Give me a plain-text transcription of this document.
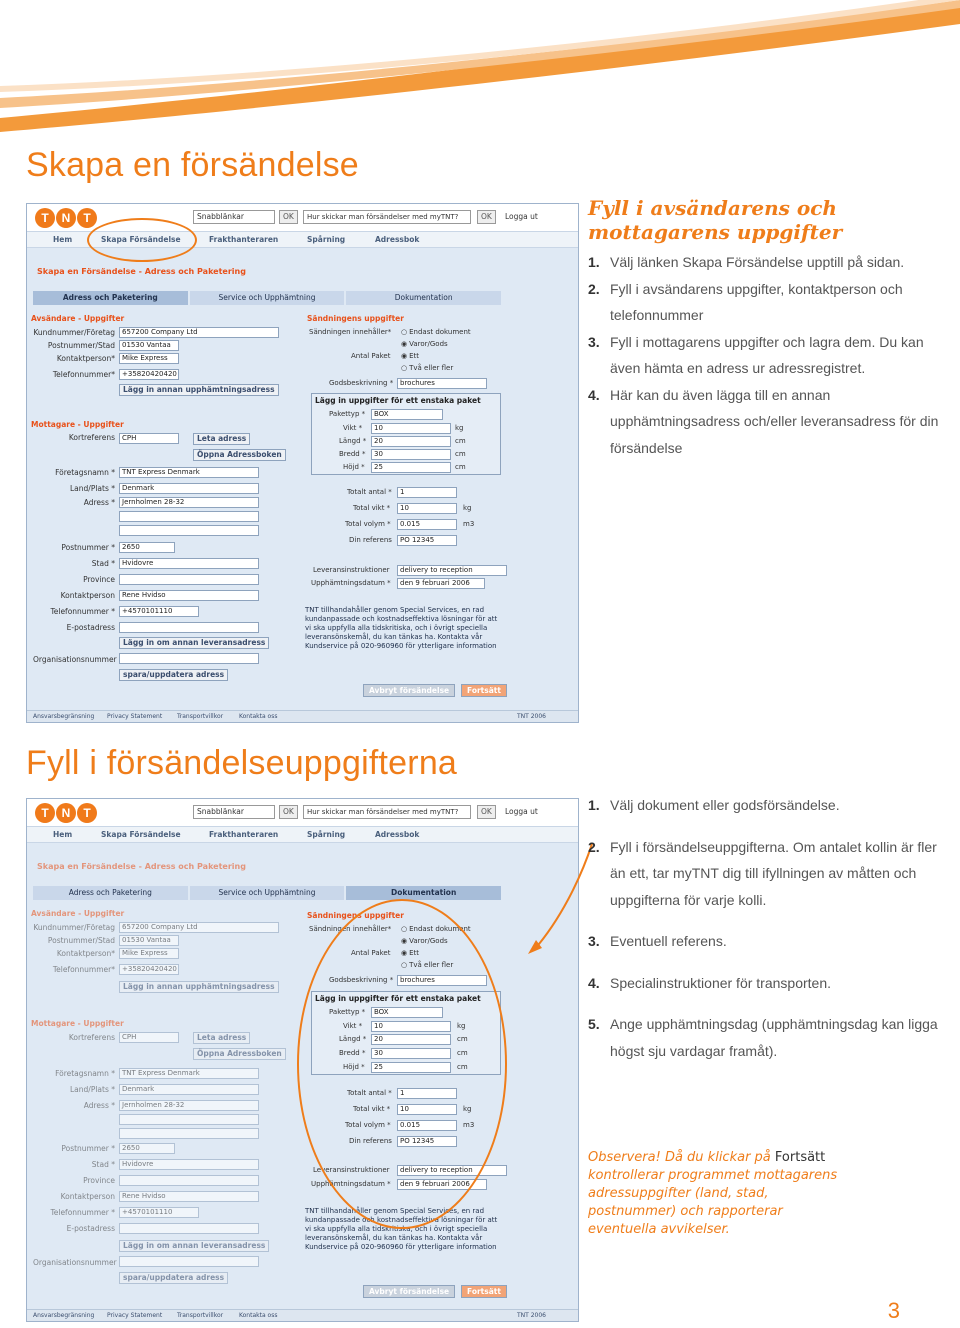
Skapa en försändelse
T	N	T	Snabblänkar	OK	Hur skickar man försändelser med myTNT?	OK	Logga ut
Hem	Skapa Försändelse	Frakthanteraren	Spårning	Adressbok
Skapa en Försändelse - Adress och Paketering
Adress och Paketering	Service och Upphämtning	Dokumentation
Avsändare - Uppgifter
Kundnummer/Företag	657200 Company Ltd
Postnummer/Stad	01530 Vantaa
Kontaktperson*	Mike Express
Telefonnummer*	+35820420420
Lägg in annan upphämtningsadress
Mottagare - Uppgifter
Kortreferens	CPH	Leta adress
Öppna Adressboken
Företagsnamn *	TNT Express Denmark
Land/Plats *	Denmark
Adress *	Jernholmen 28-32
Postnummer *	2650
Stad *	Hvidovre
Province
Kontaktperson	Rene Hvidso
Telefonnummer *	+4570101110
E-postadress
Lägg in om annan leveransadress
Organisationsnummer
spara/uppdatera adress
Sändningens uppgifter
Sändningen innehåller*	○ Endast dokument
◉ Varor/Gods
Antal Paket	◉ Ett
○ Två eller fler
Godsbeskrivning * brochures
Lägg in uppgifter för ett enstaka paket
Pakettyp *	BOX
Vikt *	10	kg
Längd *	20	cm
Bredd *	30	cm
Höjd *	25	cm
Totalt antal *	1
Total vikt *	10	kg
Total volym *	0.015	m3
Din referens	PO 12345
Leveransinstruktioner	delivery to reception
Upphämtningsdatum *	den 9 februari 2006
TNT tillhandahåller genom Special Services, en rad
kundanpassade och kostnadseffektiva lösningar för att
vi ska uppfylla alla tidskritiska, och i övrigt speciella
leveransönskemål, du kan tänkas ha. Kontakta vår
Kundservice på 020-960960 för ytterligare information
Avbryt försändelse	Fortsätt
Ansvarsbegränsning Privacy Statement Transportvillkor	Kontakta oss	TNT 2006
Fyll i avsändarens och mottagarens uppgifter
1. Välj länken Skapa Försändelse upptill på sidan.
2. Fyll i avsändarens uppgifter, kontaktperson och telefonnummer
3. Fyll i mottagarens uppgifter och lagra dem. Du kan även hämta en adress ur adressregistret.
4. Här kan du även lägga till en annan upphämtningsadress och/eller leveransadress för din försändelse
Fyll i försändelseuppgifterna
T	N	T	Snabblänkar	OK	Hur skickar man försändelser med myTNT?	OK	Logga ut
Hem	Skapa Försändelse	Frakthanteraren	Spårning	Adressbok
Skapa en Försändelse - Adress och Paketering
Adress och Paketering	Service och Upphämtning	Dokumentation
Avsändare - Uppgifter
Kundnummer/Företag	657200 Company Ltd
Postnummer/Stad	01530 Vantaa
Kontaktperson*	Mike Express
Telefonnummer*	+35820420420
Lägg in annan upphämtningsadress
Mottagare - Uppgifter
Kortreferens	CPH	Leta adress
Öppna Adressboken
Företagsnamn *	TNT Express Denmark
Land/Plats *	Denmark
Adress *	Jernholmen 28-32
Postnummer *	2650
Stad *	Hvidovre
Province
Kontaktperson	Rene Hvidso
Telefonnummer *	+4570101110
E-postadress
Lägg in om annan leveransadress
Organisationsnummer
spara/uppdatera adress
Sändningens uppgifter
Sändningen innehåller*	○ Endast dokument
◉ Varor/Gods
Antal Paket	◉ Ett
○ Två eller fler
Godsbeskrivning * brochures
Lägg in uppgifter för ett enstaka paket
Pakettyp *	BOX
Vikt *	10	kg
Längd *	20	cm
Bredd *	30	cm
Höjd *	25	cm
Totalt antal *	1
Total vikt *	10	kg
Total volym *	0.015	m3
Din referens	PO 12345
Leveransinstruktioner	delivery to reception
Upphämtningsdatum *	den 9 februari 2006
TNT tillhandahåller genom Special Services, en rad
kundanpassade och kostnadseffektiva lösningar för att
vi ska uppfylla alla tidskritiska, och i övrigt speciella
leveransönskemål, du kan tänkas ha. Kontakta vår
Kundservice på 020-960960 för ytterligare information
Avbryt försändelse	Fortsätt
Ansvarsbegränsning Privacy Statement Transportvillkor	Kontakta oss	TNT 2006
1. Välj dokument eller godsförsändelse.
2. Fyll i försändelseuppgifterna. Om antalet kollin är fler än ett, tar myTNT dig till ifyllningen av måtten och uppgifterna för varje kolli.
3. Eventuell referens.
4. Specialinstruktioner för transporten.
5. Ange upphämtningsdag (upphämtningsdag kan ligga högst sju vardagar framåt).
Observera! Då du klickar på Fortsätt kontrollerar programmet mottagarens adressuppgifter (land, stad, postnummer) och rapporterar eventuella avvikelser.
3
